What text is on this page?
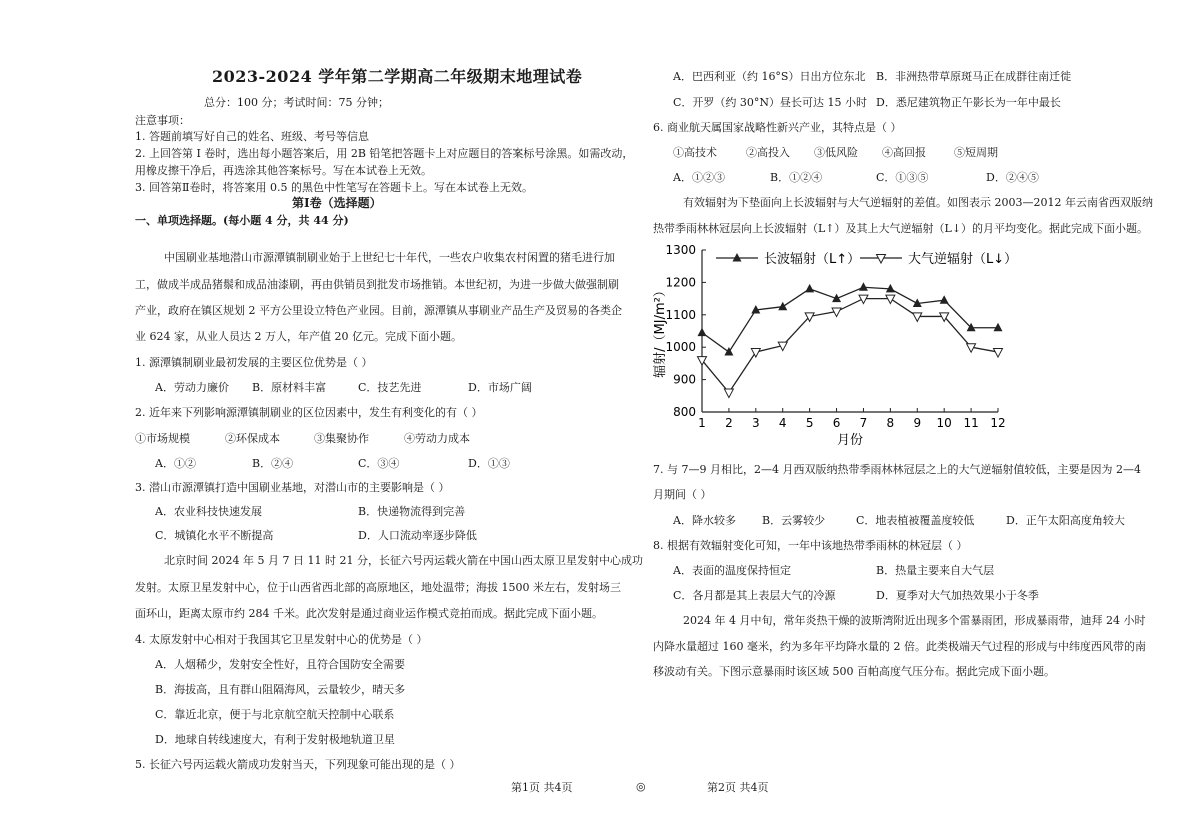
2023-2024 学年第二学期高二年级期末地理试卷
总分：100 分；考试时间：75 分钟；
注意事项：
1. 答题前填写好自己的姓名、班级、考号等信息
2. 上回答第 I 卷时，选出每小题答案后，用 2B 铅笔把答题卡上对应题目的答案标号涂黑。如需改动，
用橡皮擦干净后，再选涂其他答案标号。写在本试卷上无效。
3. 回答第Ⅱ卷时，将答案用 0.5 的黑色中性笔写在答题卡上。写在本试卷上无效。
第Ⅰ卷（选择题）
一、单项选择题。(每小题 4 分，共 44 分)
中国刷业基地潜山市源潭镇制刷业始于上世纪七十年代，一些农户收集农村闲置的猪毛进行加
工，做成半成品猪鬃和成品油漆刷，再由供销员到批发市场推销。本世纪初，为进一步做大做强制刷
产业，政府在镇区规划 2 平方公里设立特色产业园。目前，源潭镇从事刷业产品生产及贸易的各类企
业 624 家，从业人员达 2 万人，年产值 20 亿元。完成下面小题。
1. 源潭镇制刷业最初发展的主要区位优势是（ ）
A．劳动力廉价 B．原材料丰富	C．技艺先进	D．市场广阔
2. 近年来下列影响源潭镇制刷业的区位因素中，发生有利变化的有（ ）
①市场规模	②环保成本	③集聚协作	④劳动力成本
A．①②	B．②④	C．③④	D．①③
3. 潜山市源潭镇打造中国刷业基地，对潜山市的主要影响是（ ）
A．农业科技快速发展	B．快递物流得到完善
C．城镇化水平不断提高	D．人口流动率逐步降低
北京时间 2024 年 5 月 7 日 11 时 21 分，长征六号丙运载火箭在中国山西太原卫星发射中心成功
发射。太原卫星发射中心，位于山西省西北部的高原地区，地处温带；海拔 1500 米左右，发射场三
面环山，距离太原市约 284 千米。此次发射是通过商业运作模式竞拍而成。据此完成下面小题。
4. 太原发射中心相对于我国其它卫星发射中心的优势是（ ）
A．人烟稀少，发射安全性好，且符合国防安全需要
B．海拔高，且有群山阻隔海风，云量较少，晴天多
C．靠近北京，便于与北京航空航天控制中心联系
D．地球自转线速度大，有利于发射极地轨道卫星
5. 长征六号丙运载火箭成功发射当天，下列现象可能出现的是（ ）
A．巴西利亚（约 16°S）日出方位东北 B．非洲热带草原斑马正在成群往南迁徙
C．开罗（约 30°N）昼长可达 15 小时 D．悉尼建筑物正午影长为一年中最长
6. 商业航天属国家战略性新兴产业，其特点是（ ）
①高技术	②高投入 ③低风险 ④高回报	⑤短周期
A．①②③	B．①②④	C．①③⑤	D．②④⑤
有效辐射为下垫面向上长波辐射与大气逆辐射的差值。如图表示 2003—2012 年云南省西双版纳
热带季雨林林冠层向上长波辐射（L↑）及其上大气逆辐射（L↓）的月平均变化。据此完成下面小题。
800
900
1000
1100
1200
1300
1 2 3 4 5 6 7 8 9 10 11 12
月份
辐射/（MJ/m²）
长波辐射（L↑）	大气逆辐射（L↓）
7. 与 7—9 月相比，2—4 月西双版纳热带季雨林林冠层之上的大气逆辐射值较低，主要是因为 2—4
月期间（ ）
A．降水较多 B．云雾较少	C．地表植被覆盖度较低	D．正午太阳高度角较大
8. 根据有效辐射变化可知，一年中该地热带季雨林的林冠层（ ）
A．表面的温度保持恒定	B．热量主要来自大气层
C．各月都是其上表层大气的冷源	D．夏季对大气加热效果小于冬季
2024 年 4 月中旬，常年炎热干燥的波斯湾附近出现多个雷暴雨团，形成暴雨带，迪拜 24 小时
内降水量超过 160 毫米，约为多年平均降水量的 2 倍。此类极端天气过程的形成与中纬度西风带的南
移波动有关。下图示意暴雨时该区域 500 百帕高度气压分布。据此完成下面小题。
第1页 共4页	◎	第2页 共4页
